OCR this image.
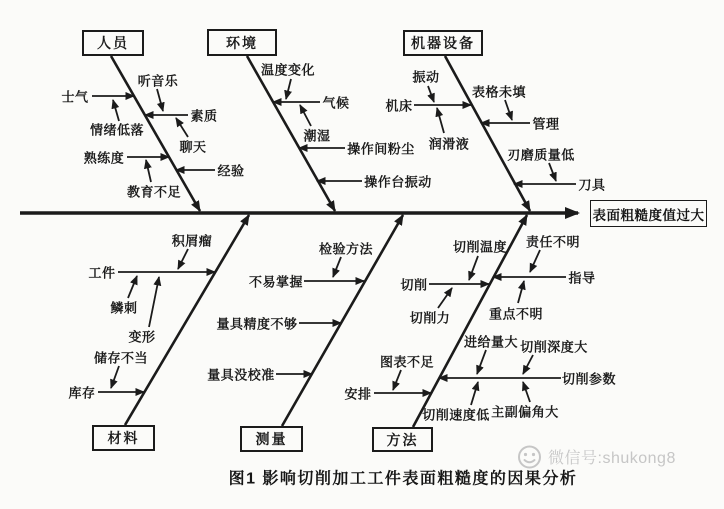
人员	环境	机器设备
材料	测量	方法
士气
素质
熟练度
经验
气候
操作间粉尘
操作台振动
机床
管理
刀具
工件
库存
不易掌握
量具精度不够
量具没校准
切削	指导
切削参数
安排
情绪低落
听音乐
聊天
教育不足
温度变化
潮湿
振动
润滑液
表格未填
刃磨质量低
积屑瘤
鳞刺
变形
储存不当
检验方法	切削温度
切削力
责任不明
重点不明
进给量大 切削深度大
切削速度低 主副偏角大
图表不足
表面粗糙度值过大
图1 影响切削加工工件表面粗糙度的因果分析
微信号:shukong8
